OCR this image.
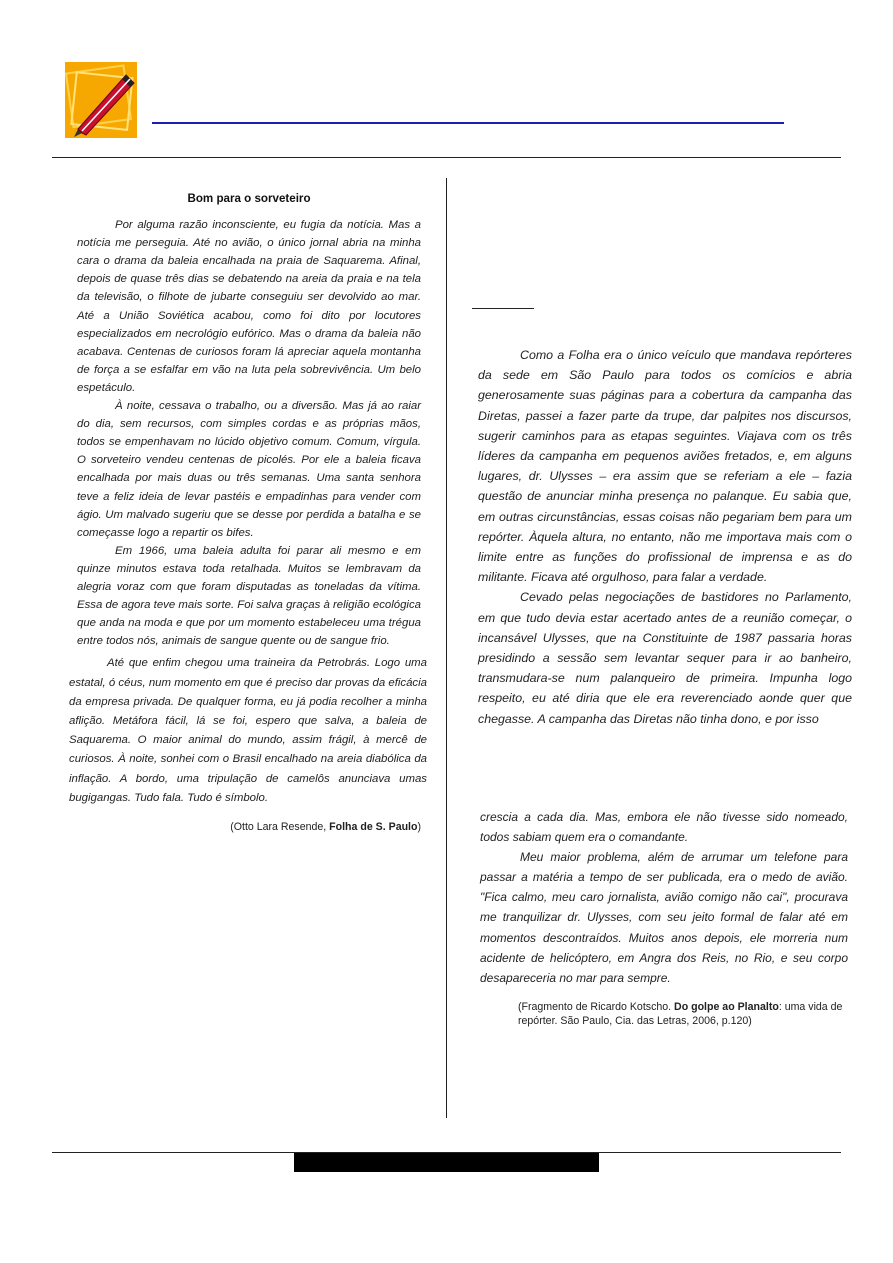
Bom para o sorveteiro

Por alguma razão inconsciente, eu fugia da notícia. Mas a notícia me perseguia. Até no avião, o único jornal abria na minha cara o drama da baleia encalhada na praia de Saquarema. Afinal, depois de quase três dias se debatendo na areia da praia e na tela da televisão, o filhote de jubarte conseguiu ser devolvido ao mar. Até a União Soviética acabou, como foi dito por locutores especializados em necrológio eufórico. Mas o drama da baleia não acabava. Centenas de curiosos foram lá apreciar aquela montanha de força a se esfalfar em vão na luta pela sobrevivência. Um belo espetáculo.

À noite, cessava o trabalho, ou a diversão. Mas já ao raiar do dia, sem recursos, com simples cordas e as próprias mãos, todos se empenhavam no lúcido objetivo comum. Comum, vírgula. O sorveteiro vendeu centenas de picolés. Por ele a baleia ficava encalhada por mais duas ou três semanas. Uma santa senhora teve a feliz ideia de levar pastéis e empadinhas para vender com ágio. Um malvado sugeriu que se desse por perdida a batalha e se começasse logo a repartir os bifes.

Em 1966, uma baleia adulta foi parar ali mesmo e em quinze minutos estava toda retalhada. Muitos se lembravam da alegria voraz com que foram disputadas as toneladas da vítima. Essa de agora teve mais sorte. Foi salva graças à religião ecológica que anda na moda e que por um momento estabeleceu uma trégua entre todos nós, animais de sangue quente ou de sangue frio.

Até que enfim chegou uma traineira da Petrobrás. Logo uma estatal, ó céus, num momento em que é preciso dar provas da eficácia da empresa privada. De qualquer forma, eu já podia recolher a minha aflição. Metáfora fácil, lá se foi, espero que salva, a baleia de Saquarema. O maior animal do mundo, assim frágil, à mercê de curiosos. À noite, sonhei com o Brasil encalhado na areia diabólica da inflação. A bordo, uma tripulação de camelôs anunciava umas bugigangas. Tudo fala. Tudo é símbolo.

(Otto Lara Resende, Folha de S. Paulo)

Como a Folha era o único veículo que mandava repórteres da sede em São Paulo para todos os comícios e abria generosamente suas páginas para a cobertura da campanha das Diretas, passei a fazer parte da trupe, dar palpites nos discursos, sugerir caminhos para as etapas seguintes. Viajava com os três líderes da campanha em pequenos aviões fretados, e, em alguns lugares, dr. Ulysses – era assim que se referiam a ele – fazia questão de anunciar minha presença no palanque. Eu sabia que, em outras circunstâncias, essas coisas não pegariam bem para um repórter. Àquela altura, no entanto, não me importava mais com o limite entre as funções do profissional de imprensa e as do militante. Ficava até orgulhoso, para falar a verdade.

Cevado pelas negociações de bastidores no Parlamento, em que tudo devia estar acertado antes de a reunião começar, o incansável Ulysses, que na Constituinte de 1987 passaria horas presidindo a sessão sem levantar sequer para ir ao banheiro, transmudara-se num palanqueiro de primeira. Impunha logo respeito, eu até diria que ele era reverenciado aonde quer que chegasse. A campanha das Diretas não tinha dono, e por isso

crescia a cada dia. Mas, embora ele não tivesse sido nomeado, todos sabiam quem era o comandante.

Meu maior problema, além de arrumar um telefone para passar a matéria a tempo de ser publicada, era o medo de avião. "Fica calmo, meu caro jornalista, avião comigo não cai", procurava me tranquilizar dr. Ulysses, com seu jeito formal de falar até em momentos descontraídos. Muitos anos depois, ele morreria num acidente de helicóptero, em Angra dos Reis, no Rio, e seu corpo desapareceria no mar para sempre.

(Fragmento de Ricardo Kotscho. Do golpe ao Planalto: uma vida de repórter. São Paulo, Cia. das Letras, 2006, p.120)
